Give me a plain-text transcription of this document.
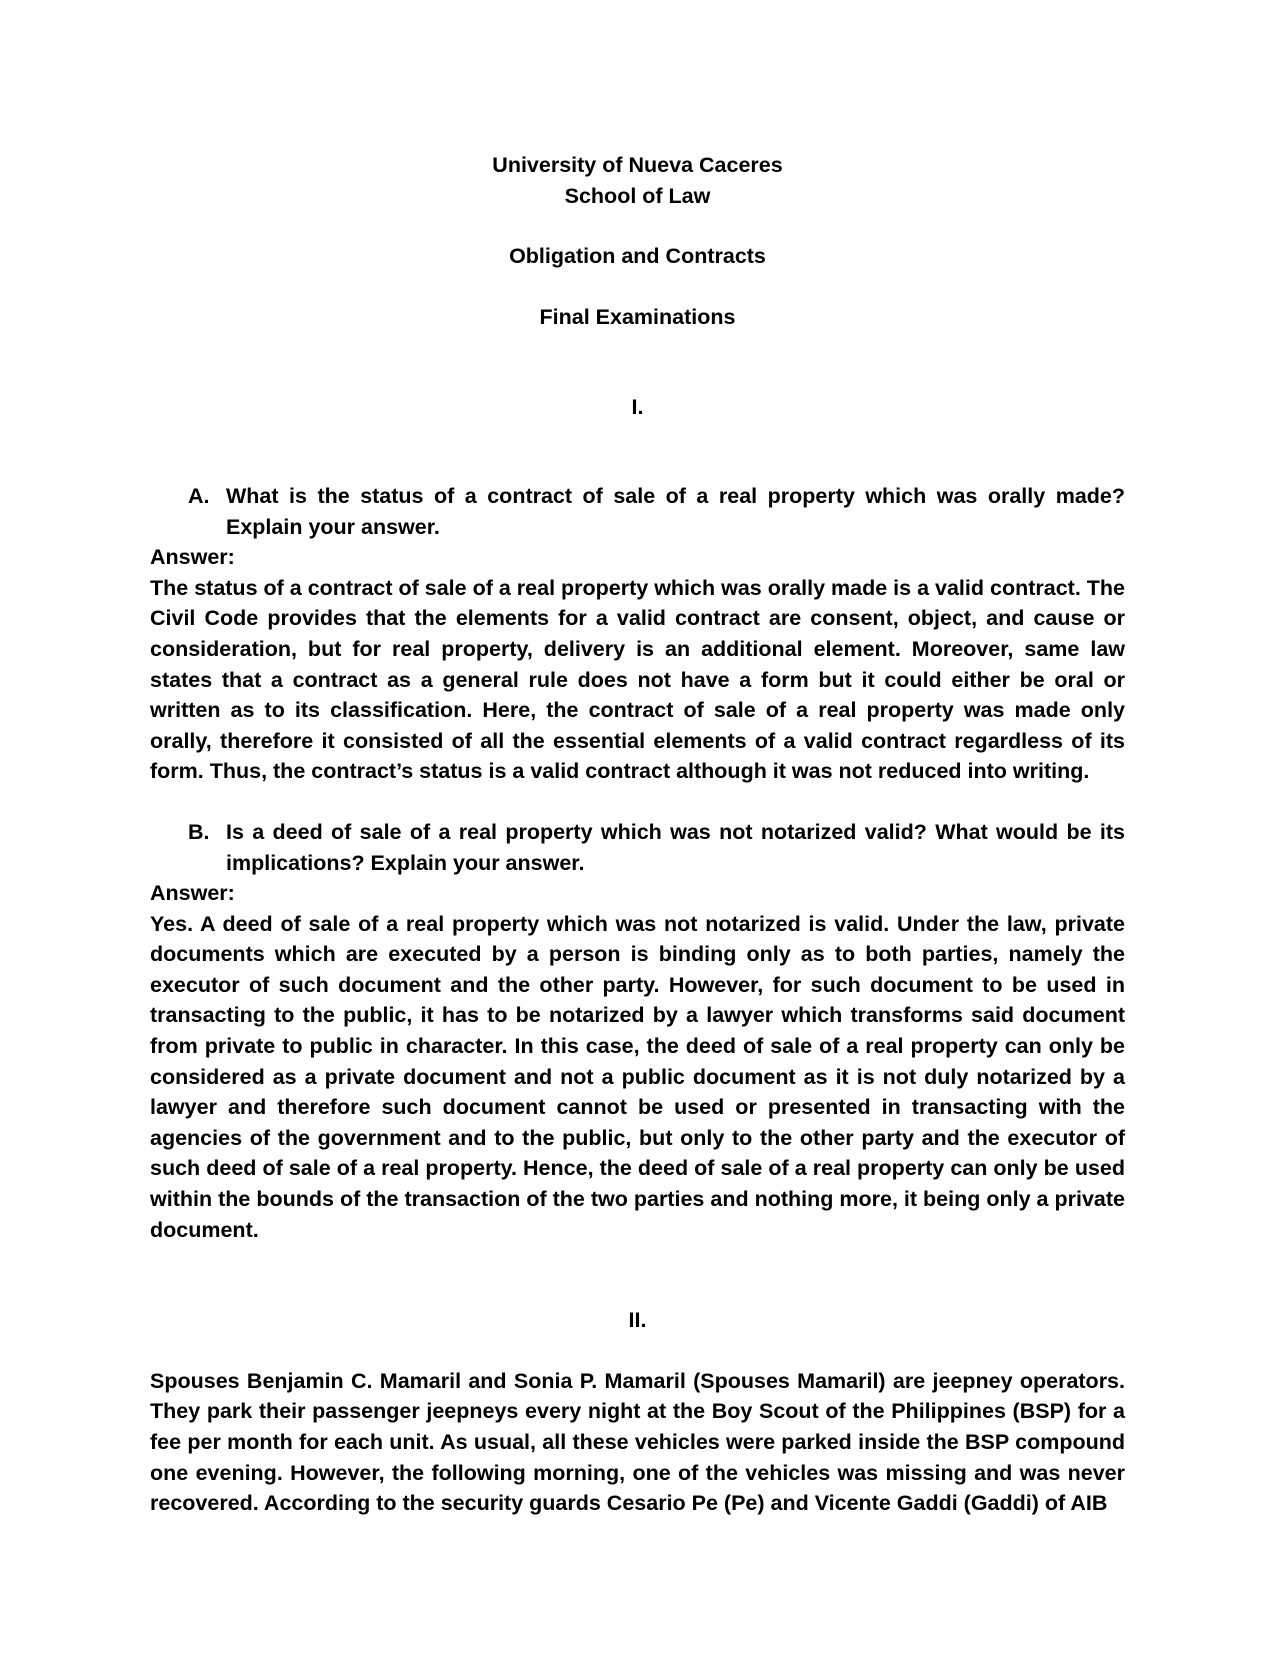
University of Nueva Caceres
School of Law
Obligation and Contracts
Final Examinations
I.
A. What is the status of a contract of sale of a real property which was orally made? Explain your answer.
Answer:

The status of a contract of sale of a real property which was orally made is a valid contract. The Civil Code provides that the elements for a valid contract are consent, object, and cause or consideration, but for real property, delivery is an additional element. Moreover, same law states that a contract as a general rule does not have a form but it could either be oral or written as to its classification. Here, the contract of sale of a real property was made only orally, therefore it consisted of all the essential elements of a valid contract regardless of its form. Thus, the contract’s status is a valid contract although it was not reduced into writing.

B. Is a deed of sale of a real property which was not notarized valid? What would be its implications? Explain your answer.
Answer:

Yes. A deed of sale of a real property which was not notarized is valid. Under the law, private documents which are executed by a person is binding only as to both parties, namely the executor of such document and the other party. However, for such document to be used in transacting to the public, it has to be notarized by a lawyer which transforms said document from private to public in character. In this case, the deed of sale of a real property can only be considered as a private document and not a public document as it is not duly notarized by a lawyer and therefore such document cannot be used or presented in transacting with the agencies of the government and to the public, but only to the other party and the executor of such deed of sale of a real property. Hence, the deed of sale of a real property can only be used within the bounds of the transaction of the two parties and nothing more, it being only a private document.

II.

Spouses Benjamin C. Mamaril and Sonia P. Mamaril (Spouses Mamaril) are jeepney operators. They park their passenger jeepneys every night at the Boy Scout of the Philippines (BSP) for a fee per month for each unit. As usual, all these vehicles were parked inside the BSP compound one evening. However, the following morning, one of the vehicles was missing and was never recovered. According to the security guards Cesario Pe (Pe) and Vicente Gaddi (Gaddi) of AIB
